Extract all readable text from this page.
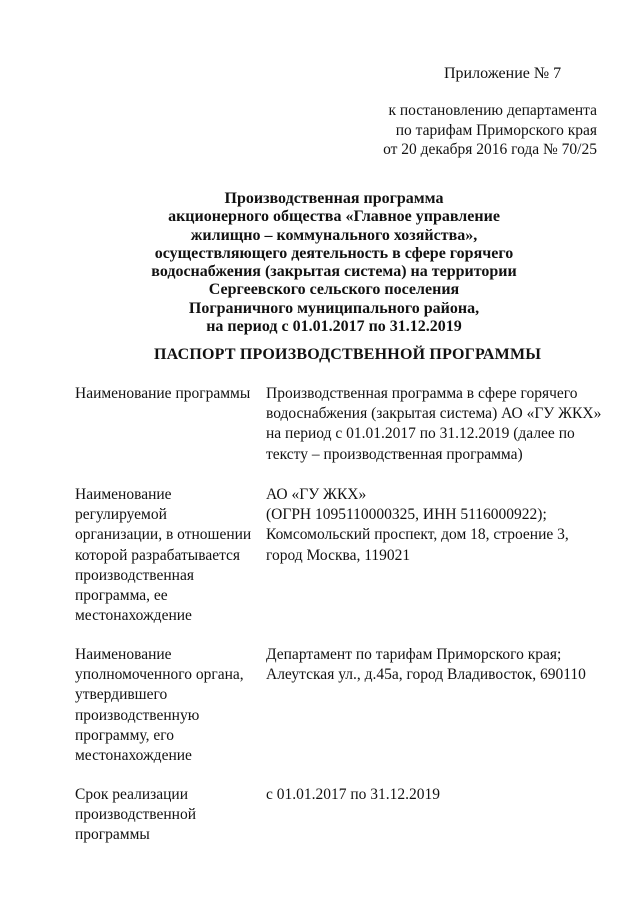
Приложение № 7
к постановлению департамента
по тарифам Приморского края
от 20 декабря 2016 года № 70/25
Производственная программа
акционерного общества «Главное управление
жилищно – коммунального хозяйства»,
осуществляющего деятельность в сфере горячего
водоснабжения (закрытая система) на территории
Сергеевского сельского поселения
Пограничного муниципального района,
на период с 01.01.2017 по 31.12.2019
ПАСПОРТ ПРОИЗВОДСТВЕННОЙ ПРОГРАММЫ
Наименование программы	Производственная программа в сфере горячего
водоснабжения (закрытая система) АО «ГУ ЖКХ»
на период с 01.01.2017 по 31.12.2019 (далее по
тексту – производственная программа)
Наименование
регулируемой
организации, в отношении
которой разрабатывается
производственная
программа, ее
местонахождение
АО «ГУ ЖКХ»
(ОГРН 1095110000325, ИНН 5116000922);
Комсомольский проспект, дом 18, строение 3,
город Москва, 119021
Наименование
уполномоченного органа,
утвердившего
производственную
программу, его
местонахождение
Департамент по тарифам Приморского края;
Алеутская ул., д.45а, город Владивосток, 690110
Срок реализации
производственной
программы
с 01.01.2017 по 31.12.2019
